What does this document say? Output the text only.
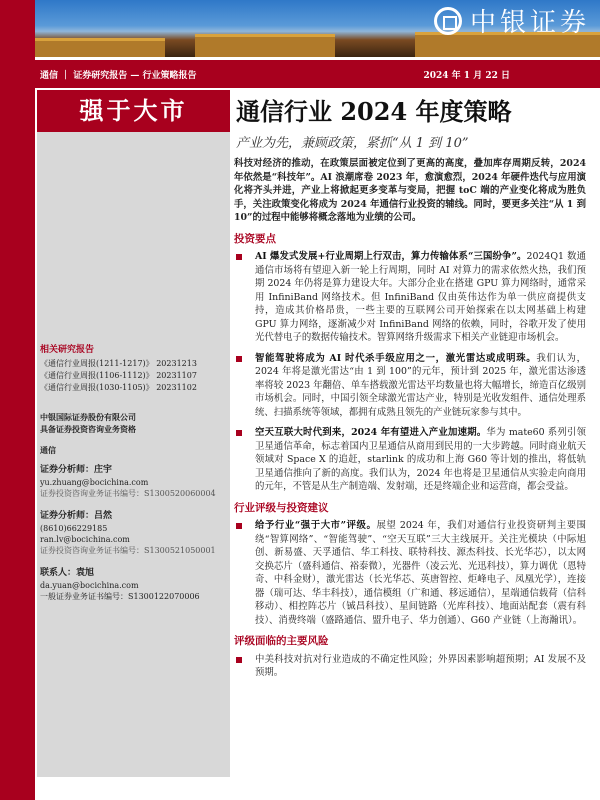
中银证券
通信 ｜ 证券研究报告 — 行业策略报告	2024 年 1 月 22 日
强于大市
相关研究报告
《通信行业周报(1211-1217)》 20231213
《通信行业周报(1106-1112)》 20231107
《通信行业周报(1030-1105)》 20231102
中银国际证券股份有限公司
具备证券投资咨询业务资格
通信
证券分析师：庄宇
yu.zhuang@bocichina.com
证券投资咨询业务证书编号：S1300520060004
证券分析师：吕然
(8610)66229185
ran.lv@bocichina.com
证券投资咨询业务证书编号：S1300521050001
联系人：袁旭
da.yuan@bocichina.com
一般证券业务证书编号：S1300122070006
通信行业 2024 年度策略
产业为先，兼顾政策，紧抓“从 1 到 10”

科技对经济的推动，在政策层面被定位到了更高的高度，叠加库存周期反转，2024 年依然是“科技年”。AI 浪潮席卷 2023 年，愈演愈烈，2024 年硬件迭代与应用演化将齐头并进，产业上将掀起更多变革与变局，把握 toC 端的产业变化将成为胜负手，关注政策变化将成为 2024 年通信行业投资的辅线。同时，要更多关注“从 1 到 10”的过程中能够将概念落地为业绩的公司。

投资要点
AI 爆发式发展+行业周期上行双击，算力传输体系“三国纷争”。2024Q1 数通通信市场将有望迎入新一轮上行周期，同时 AI 对算力的需求依然火热，我们预期 2024 年仍将是算力建设大年。大部分企业在搭建 GPU 算力网络时，通常采用 InfiniBand 网络技术。但 InfiniBand 仅由英伟达作为单一供应商提供支持，造成其价格昂贵，一些主要的互联网公司开始探索在以太网基础上构建 GPU 算力网络，逐渐减少对 InfiniBand 网络的依赖，同时，谷歌开发了使用光代替电子的数据传输技术。智算网络升级需求下相关产业链迎市场机会。
智能驾驶将成为 AI 时代杀手级应用之一，激光雷达或成明珠。我们认为，2024 年将是激光雷达“由 1 到 100”的元年，预计到 2025 年，激光雷达渗透率将较 2023 年翻倍、单车搭载激光雷达平均数量也将大幅增长，缔造百亿级别市场机会。同时，中国引领全球激光雷达产业，特别是光收发组件、通信处理系统、扫描系统等领域，都拥有成熟且领先的产业链玩家参与其中。
空天互联大时代到来，2024 年有望进入产业加速期。华为 mate60 系列引领卫星通信革命，标志着国内卫星通信从商用到民用的一大步跨越。同时商业航天领域对 Space X 的追赶，starlink 的成功和上海 G60 等计划的推出，将低轨卫星通信推向了新的高度。我们认为，2024 年也将是卫星通信从实验走向商用的元年，不管是从生产制造端、发射端，还是终端企业和运营商，都会受益。
行业评级与投资建议
给予行业“强于大市”评级。展望 2024 年，我们对通信行业投资研判主要围绕“智算网络”、“智能驾驶”、“空天互联”三大主线展开。关注光模块（中际旭创、新易盛、天孚通信、华工科技、联特科技、源杰科技、长光华芯），以太网交换芯片（盛科通信、裕泰微），光器件（凌云光、光迅科技），算力调优（恩特奇、中科金财），激光雷达（长光华芯、英唐智控、炬峰电子、凤凰光学），连接器（瑞可达、华丰科技），通信模组（广和通、移远通信），星端通信载荷（信科移动）、相控阵芯片（铖昌科技）、星间链路（光库科技）、地面站配套（震有科技）、消费终端（盛路通信、盟升电子、华力创通）、G60 产业链（上海瀚讯）。
评级面临的主要风险
中美科技对抗对行业造成的不确定性风险；外界因素影响超预期；AI 发展不及预期。
